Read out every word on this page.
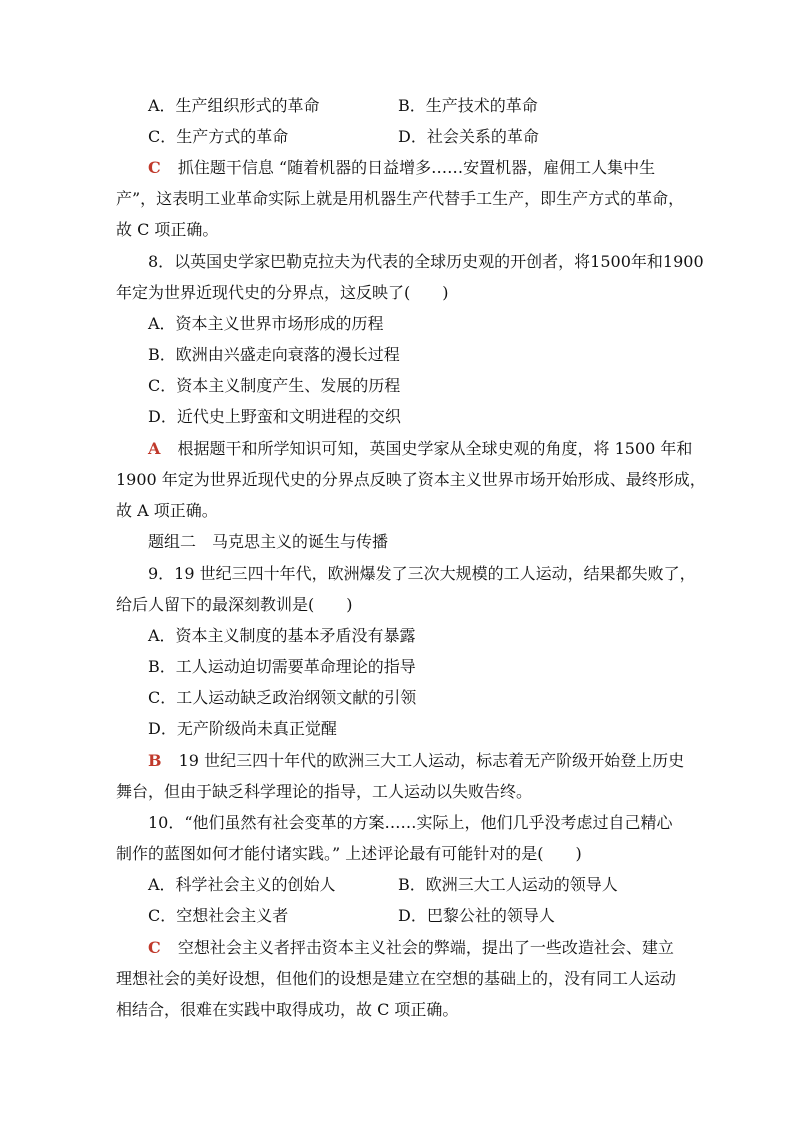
A．生产组织形式的革命	B．生产技术的革命
C．生产方式的革命	D．社会关系的革命
C 抓住题干信息 “随着机器的日益增多……安置机器，雇佣工人集中生
产”，这表明工业革命实际上就是用机器生产代替手工生产，即生产方式的革命，
故 C 项正确。
8．以英国史学家巴勒克拉夫为代表的全球历史观的开创者，将1500年和1900
年定为世界近现代史的分界点，这反映了(　　)
A．资本主义世界市场形成的历程
B．欧洲由兴盛走向衰落的漫长过程
C．资本主义制度产生、发展的历程
D．近代史上野蛮和文明进程的交织
A 根据题干和所学知识可知，英国史学家从全球史观的角度，将 1500 年和
1900 年定为世界近现代史的分界点反映了资本主义世界市场开始形成、最终形成，
故 A 项正确。
题组二　马克思主义的诞生与传播
9．19 世纪三四十年代，欧洲爆发了三次大规模的工人运动，结果都失败了，
给后人留下的最深刻教训是(　　)
A．资本主义制度的基本矛盾没有暴露
B．工人运动迫切需要革命理论的指导
C．工人运动缺乏政治纲领文献的引领
D．无产阶级尚未真正觉醒
B 19 世纪三四十年代的欧洲三大工人运动，标志着无产阶级开始登上历史
舞台，但由于缺乏科学理论的指导，工人运动以失败告终。
10．“他们虽然有社会变革的方案……实际上，他们几乎没考虑过自己精心
制作的蓝图如何才能付诸实践。” 上述评论最有可能针对的是(　　)
A．科学社会主义的创始人	B．欧洲三大工人运动的领导人
C．空想社会主义者	D．巴黎公社的领导人
C 空想社会主义者抨击资本主义社会的弊端，提出了一些改造社会、建立
理想社会的美好设想，但他们的设想是建立在空想的基础上的，没有同工人运动
相结合，很难在实践中取得成功，故 C 项正确。
